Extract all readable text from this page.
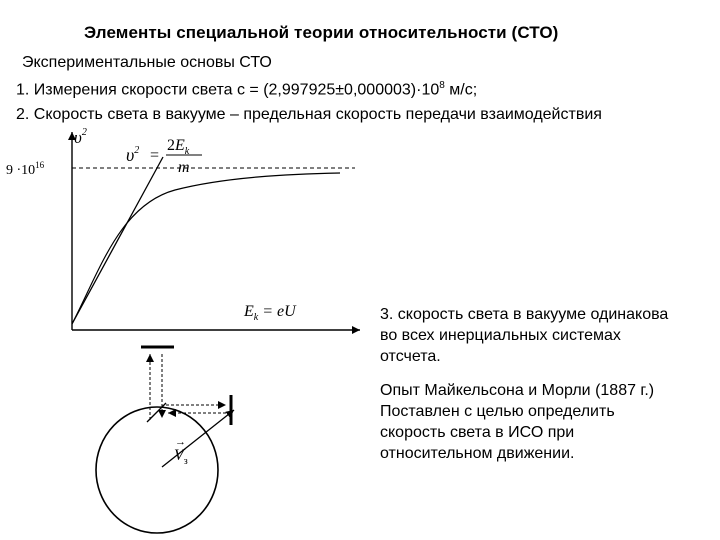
Элементы специальной теории относительности (СТО)
Экспериментальные основы СТО
1. Измерения скорости света $c = (2,997925\pm 0,000003)\cdot 10^8$ м/с;
2. Скорость света в вакууме – предельная скорость передачи взаимодействия
$\upsilon^2$
$9 \cdot 10^{16}$	$\upsilon^2$ =
$2E_k$
m
$E_k$ = eU
$V_з$
→
3. скорость света в вакууме одинакова во всех инерциальных системах отсчета.
Опыт Майкельсона и Морли (1887 г.) Поставлен с целью определить скорость света в ИСО при относительном движении.
